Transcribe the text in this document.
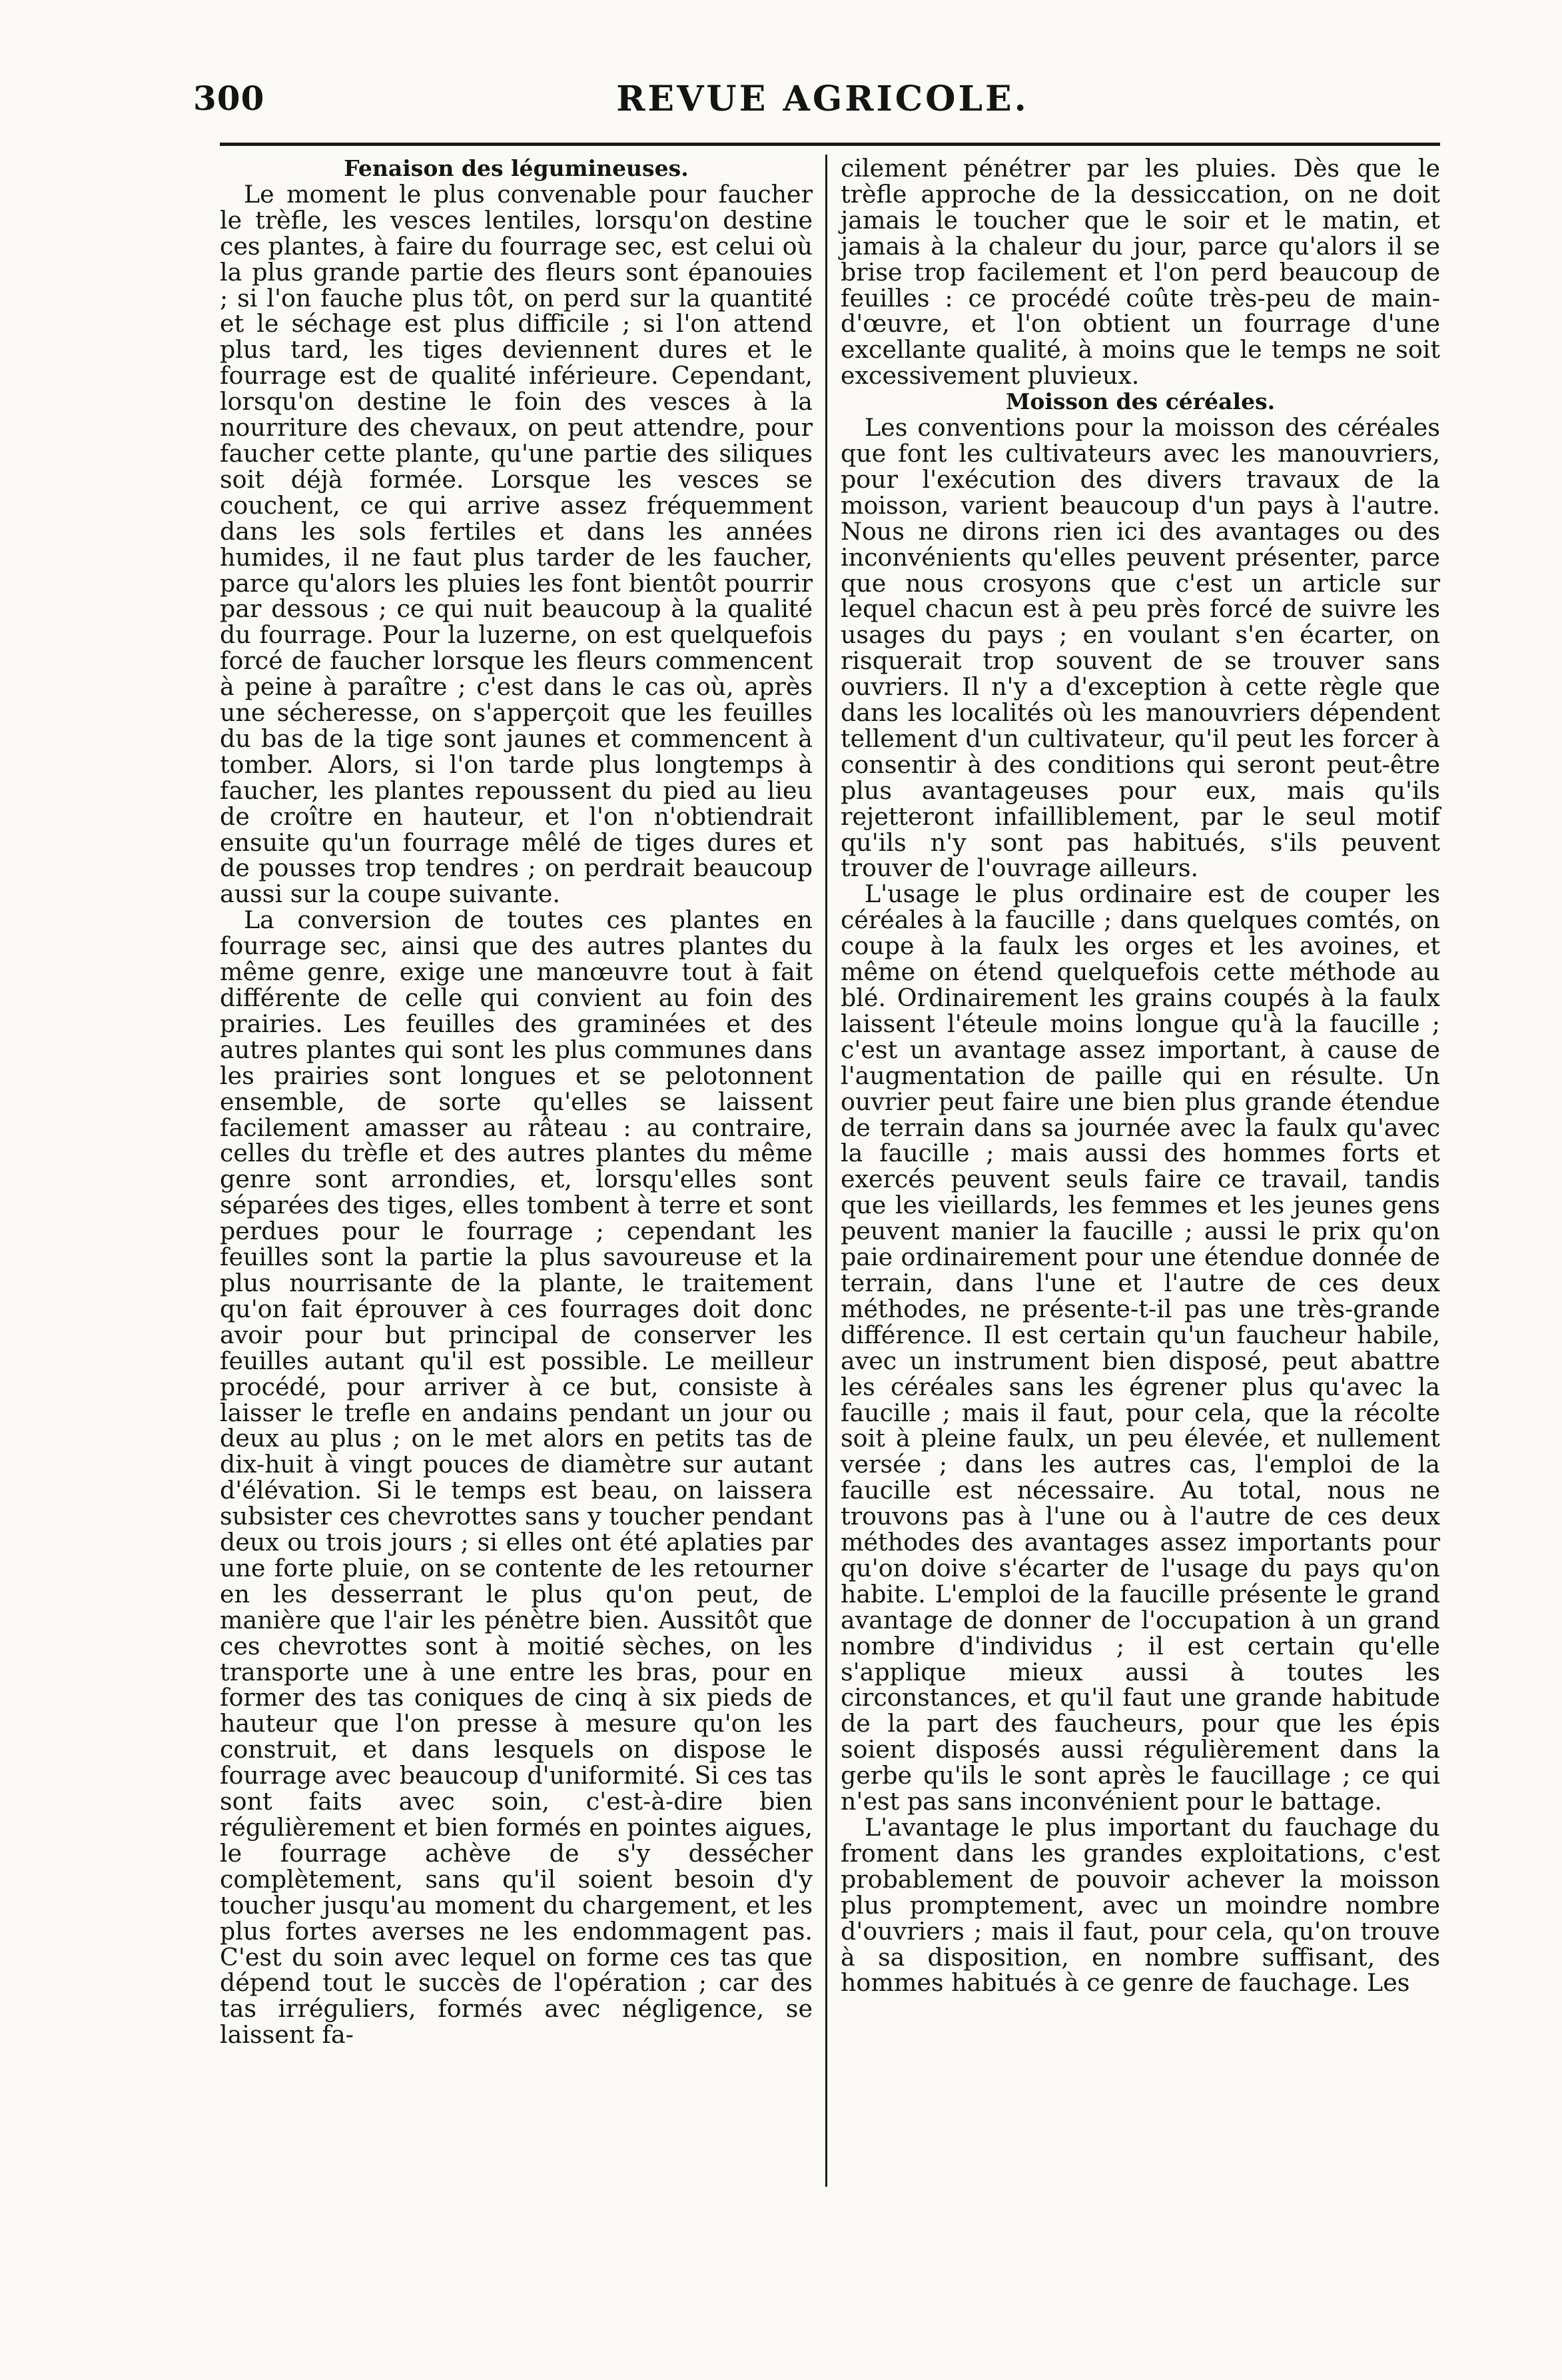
300	REVUE AGRICOLE.
Fenaison des légumineuses.

Le moment le plus convenable pour faucher le trèfle, les vesces lentiles, lorsqu'on destine ces plantes, à faire du fourrage sec, est celui où la plus grande partie des fleurs sont épanouies ; si l'on fauche plus tôt, on perd sur la quantité et le séchage est plus difficile ; si l'on attend plus tard, les tiges deviennent dures et le fourrage est de qualité inférieure. Cependant, lorsqu'on destine le foin des vesces à la nourriture des chevaux, on peut attendre, pour faucher cette plante, qu'une partie des siliques soit déjà formée. Lorsque les vesces se couchent, ce qui arrive assez fréquemment dans les sols fertiles et dans les années humides, il ne faut plus tarder de les faucher, parce qu'alors les pluies les font bientôt pourrir par dessous ; ce qui nuit beaucoup à la qualité du fourrage. Pour la luzerne, on est quelquefois forcé de faucher lorsque les fleurs commencent à peine à paraître ; c'est dans le cas où, après une sécheresse, on s'apperçoit que les feuilles du bas de la tige sont jaunes et commencent à tomber. Alors, si l'on tarde plus longtemps à faucher, les plantes repoussent du pied au lieu de croître en hauteur, et l'on n'obtiendrait ensuite qu'un fourrage mêlé de tiges dures et de pousses trop tendres ; on perdrait beaucoup aussi sur la coupe suivante.

La conversion de toutes ces plantes en fourrage sec, ainsi que des autres plantes du même genre, exige une manœuvre tout à fait différente de celle qui convient au foin des prairies. Les feuilles des graminées et des autres plantes qui sont les plus communes dans les prairies sont longues et se pelotonnent ensemble, de sorte qu'elles se laissent facilement amasser au râteau : au contraire, celles du trèfle et des autres plantes du même genre sont arrondies, et, lorsqu'elles sont séparées des tiges, elles tombent à terre et sont perdues pour le fourrage ; cependant les feuilles sont la partie la plus savoureuse et la plus nourrisante de la plante, le traitement qu'on fait éprouver à ces fourrages doit donc avoir pour but principal de conserver les feuilles autant qu'il est possible. Le meilleur procédé, pour arriver à ce but, consiste à laisser le trefle en andains pendant un jour ou deux au plus ; on le met alors en petits tas de dix-huit à vingt pouces de diamètre sur autant d'élévation. Si le temps est beau, on laissera subsister ces chevrottes sans y toucher pendant deux ou trois jours ; si elles ont été aplaties par une forte pluie, on se contente de les retourner en les desserrant le plus qu'on peut, de manière que l'air les pénètre bien. Aussitôt que ces chevrottes sont à moitié sèches, on les transporte une à une entre les bras, pour en former des tas coniques de cinq à six pieds de hauteur que l'on presse à mesure qu'on les construit, et dans lesquels on dispose le fourrage avec beaucoup d'uniformité. Si ces tas sont faits avec soin, c'est-à-dire bien régulièrement et bien formés en pointes aigues, le fourrage achève de s'y dessécher complètement, sans qu'il soient besoin d'y toucher jusqu'au moment du chargement, et les plus fortes averses ne les endommagent pas. C'est du soin avec lequel on forme ces tas que dépend tout le succès de l'opération ; car des tas irréguliers, formés avec négligence, se laissent fa-

cilement pénétrer par les pluies. Dès que le trèfle approche de la dessiccation, on ne doit jamais le toucher que le soir et le matin, et jamais à la chaleur du jour, parce qu'alors il se brise trop facilement et l'on perd beaucoup de feuilles : ce procédé coûte très-peu de main-d'œuvre, et l'on obtient un fourrage d'une excellante qualité, à moins que le temps ne soit excessivement pluvieux.

Moisson des céréales.

Les conventions pour la moisson des céréales que font les cultivateurs avec les manouvriers, pour l'exécution des divers travaux de la moisson, varient beaucoup d'un pays à l'autre. Nous ne dirons rien ici des avantages ou des inconvénients qu'elles peuvent présenter, parce que nous crosyons que c'est un article sur lequel chacun est à peu près forcé de suivre les usages du pays ; en voulant s'en écarter, on risquerait trop souvent de se trouver sans ouvriers. Il n'y a d'exception à cette règle que dans les localités où les manouvriers dépendent tellement d'un cultivateur, qu'il peut les forcer à consentir à des conditions qui seront peut-être plus avantageuses pour eux, mais qu'ils rejetteront infailliblement, par le seul motif qu'ils n'y sont pas habitués, s'ils peuvent trouver de l'ouvrage ailleurs.

L'usage le plus ordinaire est de couper les céréales à la faucille ; dans quelques comtés, on coupe à la faulx les orges et les avoines, et même on étend quelquefois cette méthode au blé. Ordinairement les grains coupés à la faulx laissent l'éteule moins longue qu'à la faucille ; c'est un avantage assez important, à cause de l'augmentation de paille qui en résulte. Un ouvrier peut faire une bien plus grande étendue de terrain dans sa journée avec la faulx qu'avec la faucille ; mais aussi des hommes forts et exercés peuvent seuls faire ce travail, tandis que les vieillards, les femmes et les jeunes gens peuvent manier la faucille ; aussi le prix qu'on paie ordinairement pour une étendue donnée de terrain, dans l'une et l'autre de ces deux méthodes, ne présente-t-il pas une très-grande différence. Il est certain qu'un faucheur habile, avec un instrument bien disposé, peut abattre les céréales sans les égrener plus qu'avec la faucille ; mais il faut, pour cela, que la récolte soit à pleine faulx, un peu élevée, et nullement versée ; dans les autres cas, l'emploi de la faucille est nécessaire. Au total, nous ne trouvons pas à l'une ou à l'autre de ces deux méthodes des avantages assez importants pour qu'on doive s'écarter de l'usage du pays qu'on habite. L'emploi de la faucille présente le grand avantage de donner de l'occupation à un grand nombre d'individus ; il est certain qu'elle s'applique mieux aussi à toutes les circonstances, et qu'il faut une grande habitude de la part des faucheurs, pour que les épis soient disposés aussi régulièrement dans la gerbe qu'ils le sont après le faucillage ; ce qui n'est pas sans inconvénient pour le battage.

L'avantage le plus important du fauchage du froment dans les grandes exploitations, c'est probablement de pouvoir achever la moisson plus promptement, avec un moindre nombre d'ouvriers ; mais il faut, pour cela, qu'on trouve à sa disposition, en nombre suffisant, des hommes habitués à ce genre de fauchage. Les
